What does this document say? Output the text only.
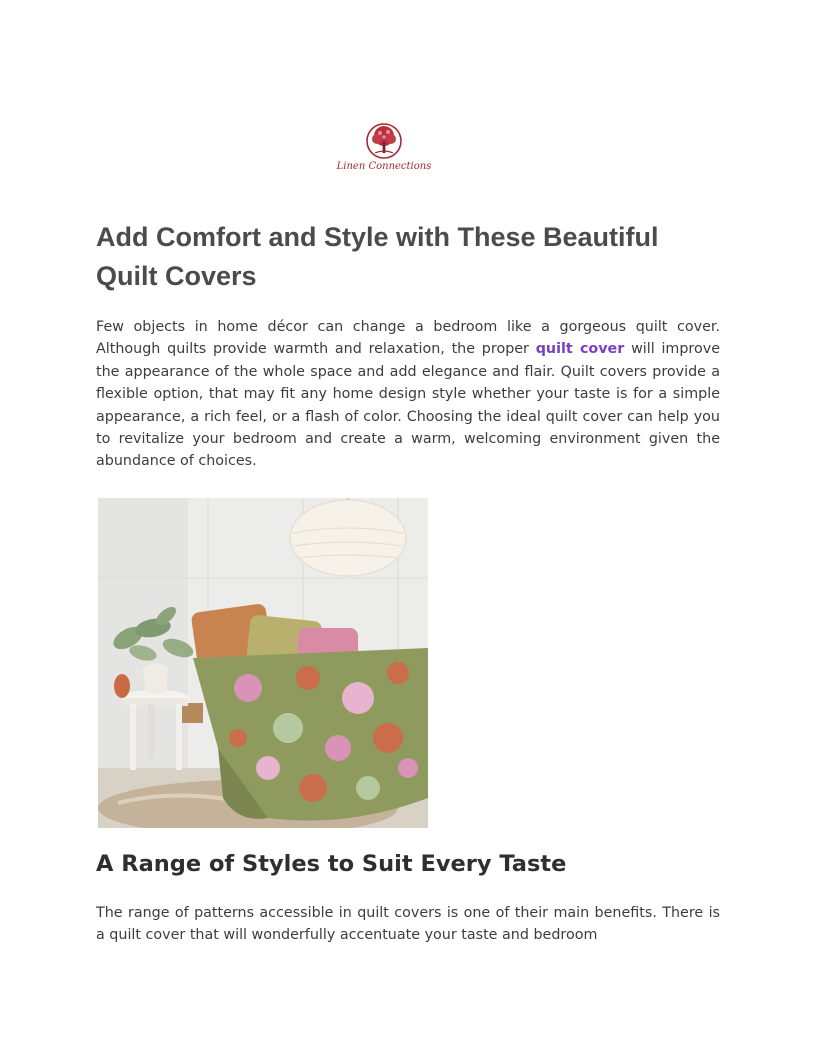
Linen Connections
Add Comfort and Style with These Beautiful Quilt Covers

Few objects in home décor can change a bedroom like a gorgeous quilt cover. Although quilts provide warmth and relaxation, the proper quilt cover will improve the appearance of the whole space and add elegance and flair. Quilt covers provide a flexible option, that may fit any home design style whether your taste is for a simple appearance, a rich feel, or a flash of color. Choosing the ideal quilt cover can help you to revitalize your bedroom and create a warm, welcoming environment given the abundance of choices.

A Range of Styles to Suit Every Taste

The range of patterns accessible in quilt covers is one of their main benefits. There is a quilt cover that will wonderfully accentuate your taste and bedroom
